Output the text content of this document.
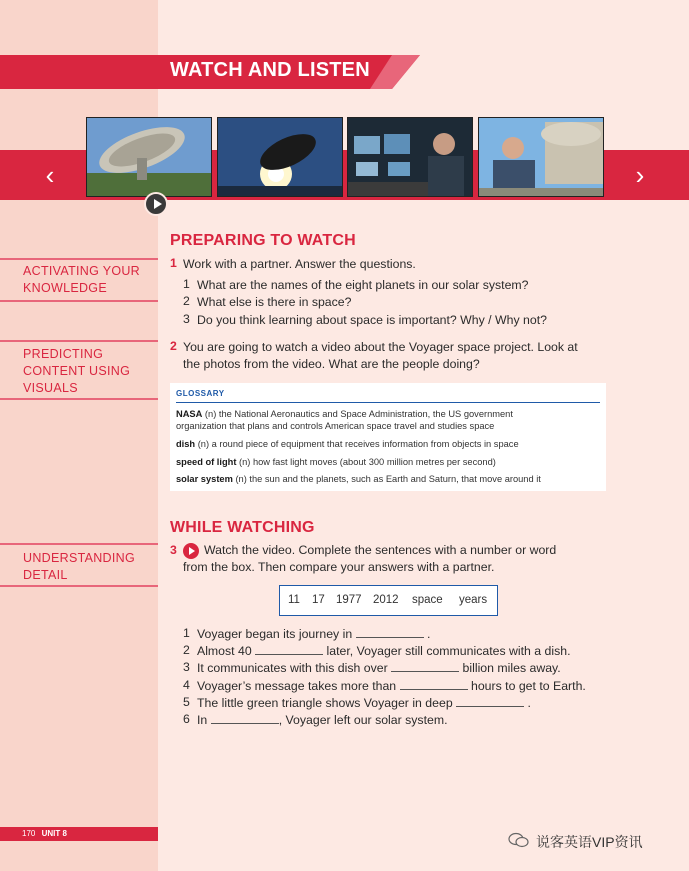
WATCH AND LISTEN
‹	›
ACTIVATING YOUR
KNOWLEDGE
PREDICTING
CONTENT USING
VISUALS
UNDERSTANDING
DETAIL
PREPARING TO WATCH
1 Work with a partner. Answer the questions.
1 What are the names of the eight planets in our solar system?
2 What else is there in space?
3 Do you think learning about space is important? Why / Why not?
2 You are going to watch a video about the Voyager space project. Look at
the photos from the video. What are the people doing?
GLOSSARY
NASA (n) the National Aeronautics and Space Administration, the US government
organization that plans and controls American space travel and studies space
dish (n) a round piece of equipment that receives information from objects in space
speed of light (n) how fast light moves (about 300 million metres per second)
solar system (n) the sun and the planets, such as Earth and Saturn, that move around it
WHILE WATCHING
3 Watch the video. Complete the sentences with a number or word
from the box. Then compare your answers with a partner.
11 17 1977 2012 space years
1 Voyager began its journey in	.
2 Almost 40	later, Voyager still communicates with a dish.
3 It communicates with this dish over	billion miles away.
4 Voyager’s message takes more than	hours to get to Earth.
5 The little green triangle shows Voyager in deep	.
6 In	, Voyager left our solar system.
170 UNIT 8
说客英语VIP资讯
